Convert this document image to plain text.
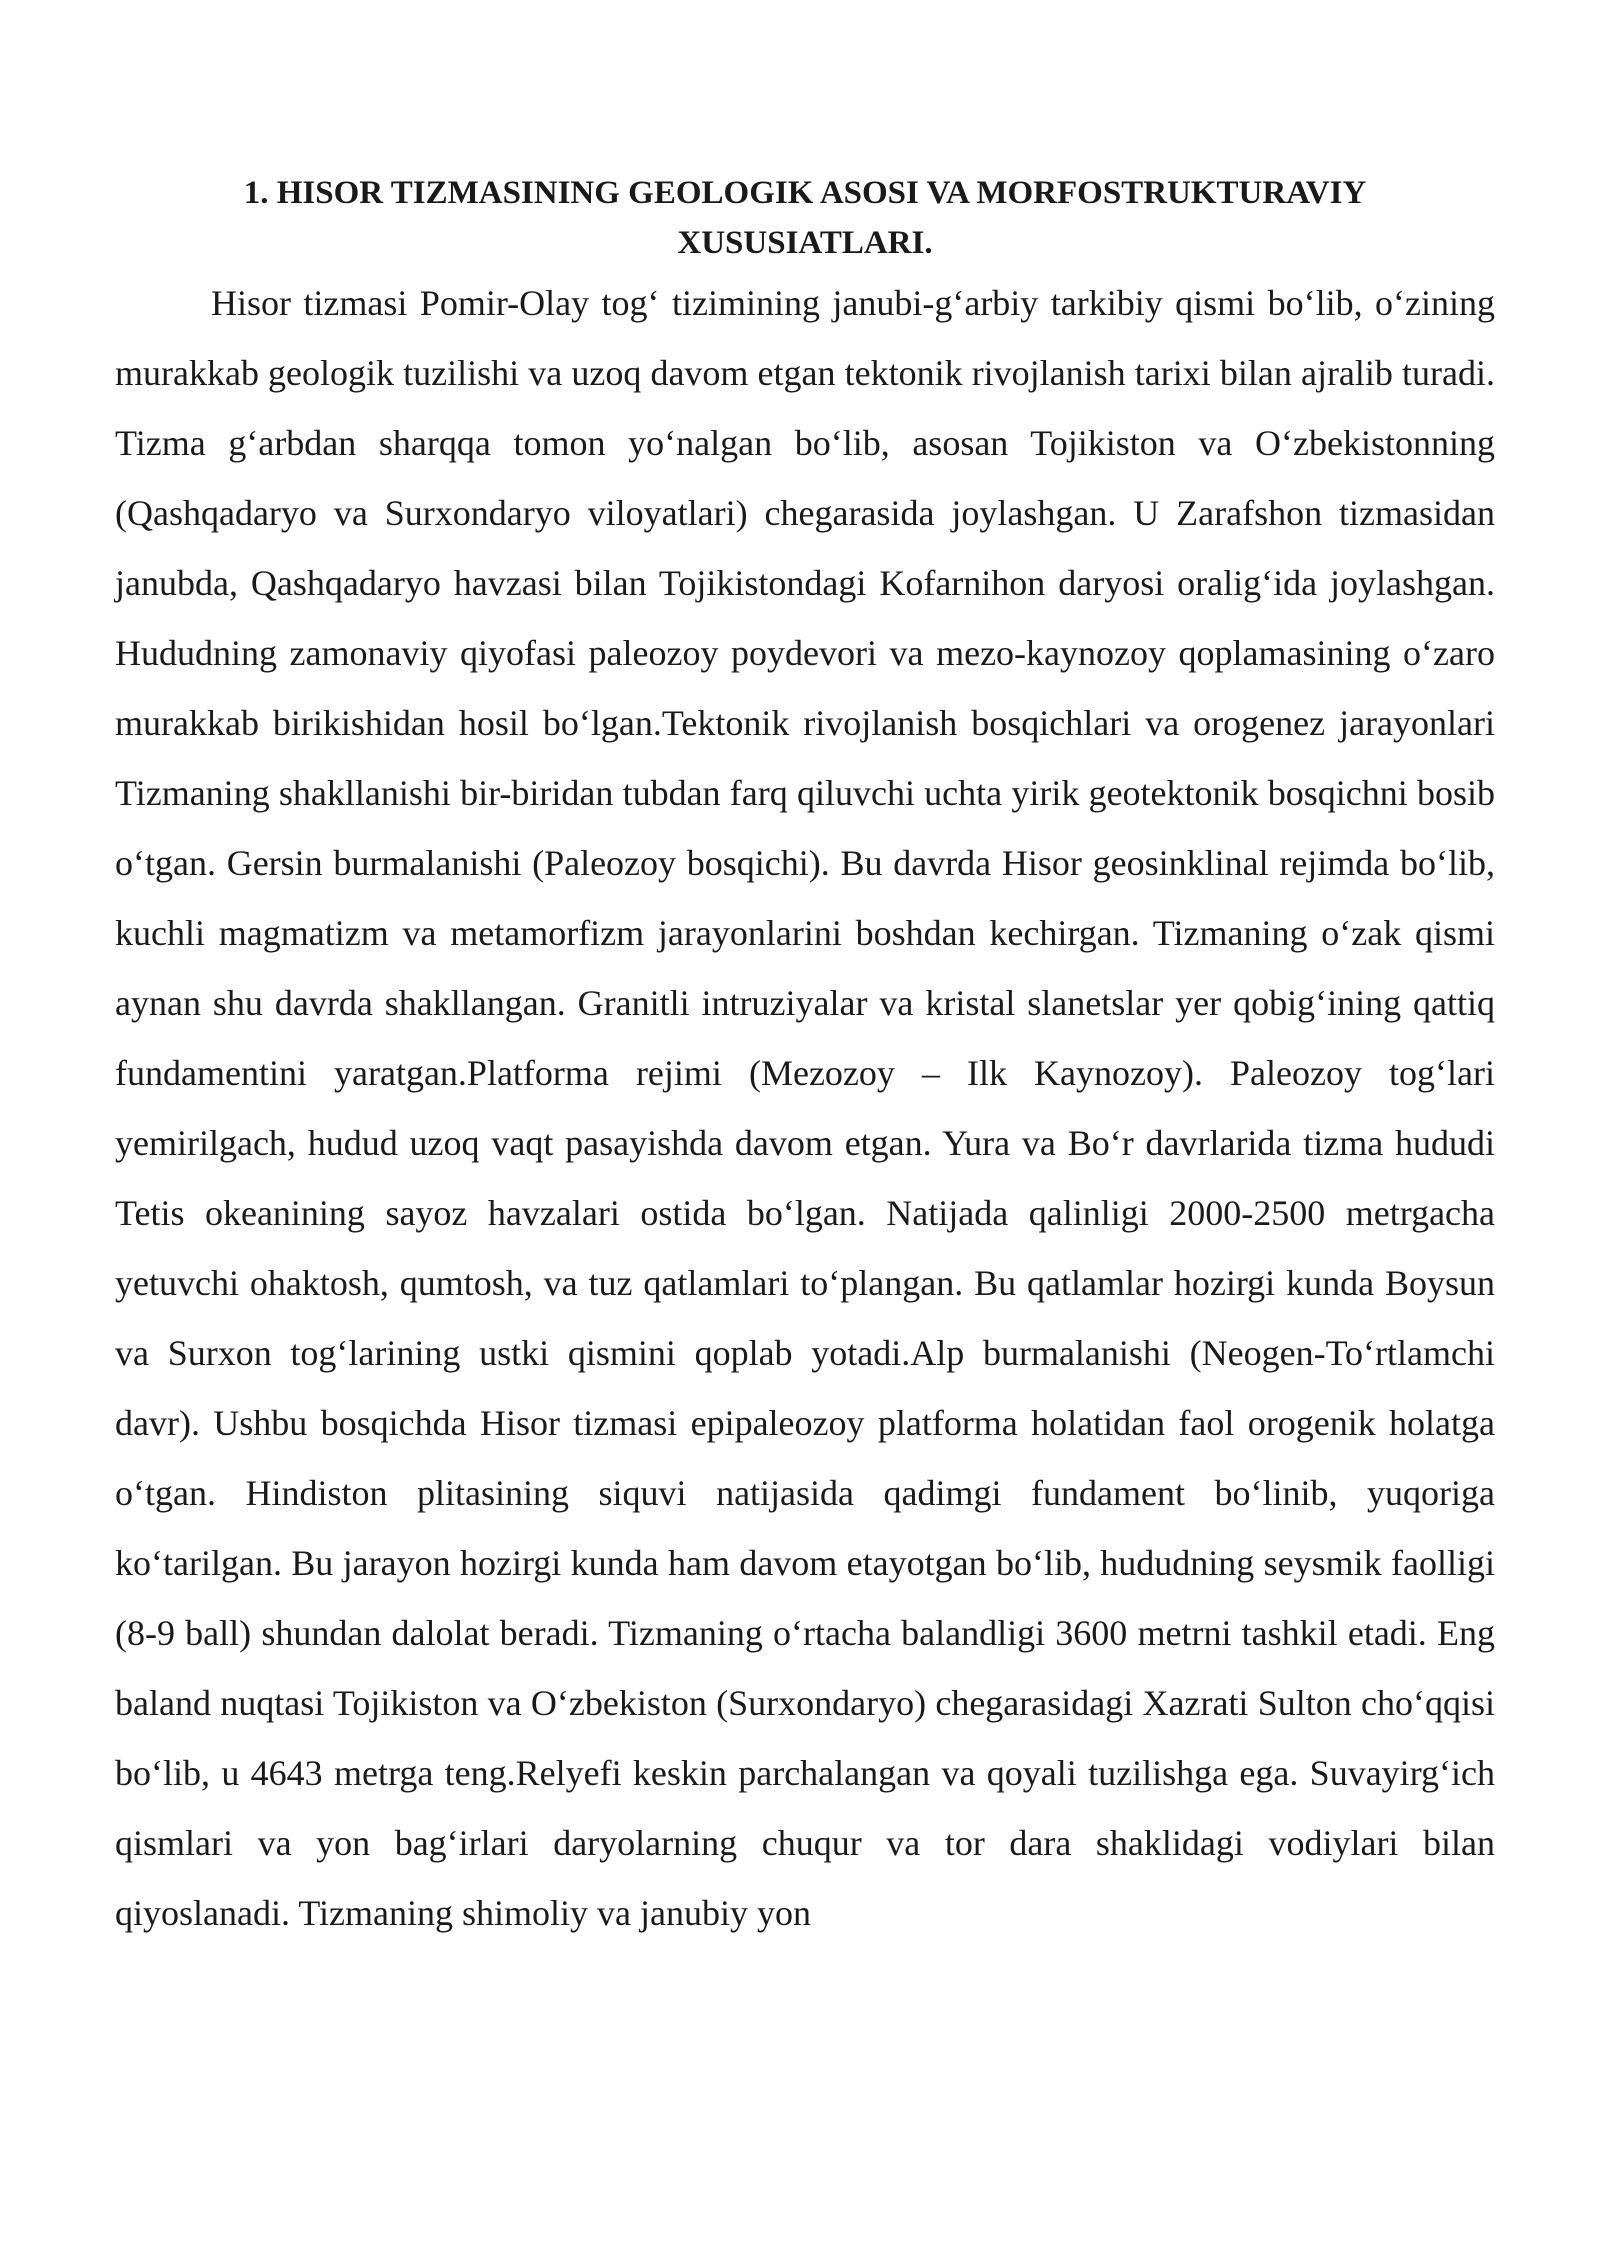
1. HISOR TIZMASINING GEOLOGIK ASOSI VA MORFOSTRUKTURAVIY XUSUSIATLARI.

Hisor tizmasi Pomir-Olay tog‘ tizimining janubi-g‘arbiy tarkibiy qismi bo‘lib, o‘zining murakkab geologik tuzilishi va uzoq davom etgan tektonik rivojlanish tarixi bilan ajralib turadi. Tizma g‘arbdan sharqqa tomon yo‘nalgan bo‘lib, asosan Tojikiston va O‘zbekistonning (Qashqadaryo va Surxondaryo viloyatlari) chegarasida joylashgan. U Zarafshon tizmasidan janubda, Qashqadaryo havzasi bilan Tojikistondagi Kofarnihon daryosi oralig‘ida joylashgan. Hududning zamonaviy qiyofasi paleozoy poydevori va mezo-kaynozoy qoplamasining o‘zaro murakkab birikishidan hosil bo‘lgan.Tektonik rivojlanish bosqichlari va orogenez jarayonlari Tizmaning shakllanishi bir-biridan tubdan farq qiluvchi uchta yirik geotektonik bosqichni bosib o‘tgan. Gersin burmalanishi (Paleozoy bosqichi). Bu davrda Hisor geosinklinal rejimda bo‘lib, kuchli magmatizm va metamorfizm jarayonlarini boshdan kechirgan. Tizmaning o‘zak qismi aynan shu davrda shakllangan. Granitli intruziyalar va kristal slanetslar yer qobig‘ining qattiq fundamentini yaratgan.Platforma rejimi (Mezozoy – Ilk Kaynozoy). Paleozoy tog‘lari yemirilgach, hudud uzoq vaqt pasayishda davom etgan. Yura va Bo‘r davrlarida tizma hududi Tetis okeanining sayoz havzalari ostida bo‘lgan. Natijada qalinligi 2000-2500 metrgacha yetuvchi ohaktosh, qumtosh, va tuz qatlamlari to‘plangan. Bu qatlamlar hozirgi kunda Boysun va Surxon tog‘larining ustki qismini qoplab yotadi.Alp burmalanishi (Neogen-To‘rtlamchi davr). Ushbu bosqichda Hisor tizmasi epipaleozoy platforma holatidan faol orogenik holatga o‘tgan. Hindiston plitasining siquvi natijasida qadimgi fundament bo‘linib, yuqoriga ko‘tarilgan. Bu jarayon hozirgi kunda ham davom etayotgan bo‘lib, hududning seysmik faolligi (8-9 ball) shundan dalolat beradi. Tizmaning o‘rtacha balandligi 3600 metrni tashkil etadi. Eng baland nuqtasi Tojikiston va O‘zbekiston (Surxondaryo) chegarasidagi Xazrati Sulton cho‘qqisi bo‘lib, u 4643 metrga teng.Relyefi keskin parchalangan va qoyali tuzilishga ega. Suvayirg‘ich qismlari va yon bag‘irlari daryolarning chuqur va tor dara shaklidagi vodiylari bilan qiyoslanadi. Tizmaning shimoliy va janubiy yon
